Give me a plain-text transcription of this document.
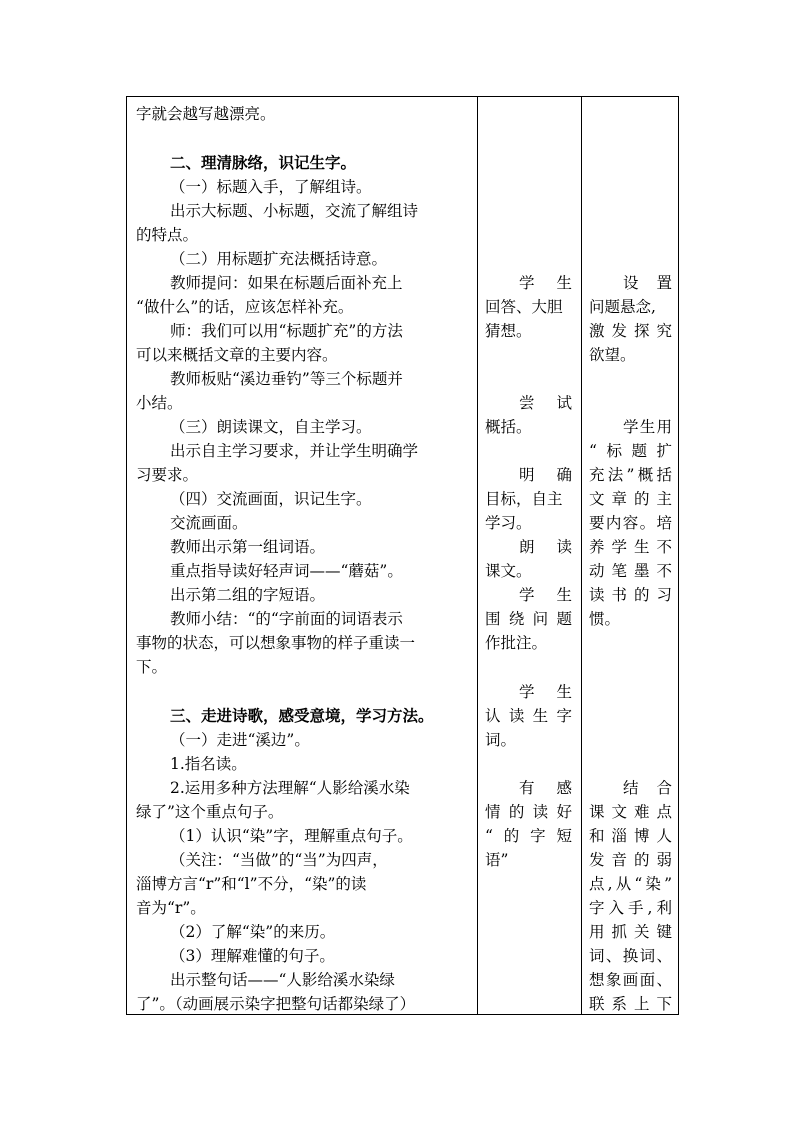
字就会越写越漂亮。
二、理清脉络，识记生字。
（一）标题入手，了解组诗。
出示大标题、小标题，交流了解组诗
的特点。
（二）用标题扩充法概括诗意。
教师提问：如果在标题后面补充上
“做什么”的话，应该怎样补充。
师：我们可以用“标题扩充”的方法
可以来概括文章的主要内容。
教师板贴“溪边垂钓”等三个标题并
小结。
（三）朗读课文，自主学习。
出示自主学习要求，并让学生明确学
习要求。
（四）交流画面，识记生字。
交流画面。
教师出示第一组词语。
重点指导读好轻声词——“蘑菇”。
出示第二组的字短语。
教师小结：“的“字前面的词语表示
事物的状态，可以想象事物的样子重读一
下。
三、走进诗歌，感受意境，学习方法。
（一）走进“溪边”。
1.指名读。
2.运用多种方法理解“人影给溪水染
绿了”这个重点句子。
（1）认识“染”字，理解重点句子。
（关注：“当做”的“当”为四声，
淄博方言“r”和“l”不分，“染”的读
音为“r”。
（2）了解“染”的来历。
（3）理解难懂的句子。
出示整句话——“人影给溪水染绿
了”。（动画展示染字把整句话都染绿了）
学　生
回答、大胆
猜想。
尝　试
概括。
明　确
目标，自主
学习。
朗　读
课文。
学　生
围绕问题
作批注。
学　生
认读生字
词。
有　感
情的读好
“的字短
语”
设　置
问题悬念,
激发探究
欲望。
学生用
“标题扩
充法”概括
文章的主
要内容。培
养学生不
动笔墨不
读书的习
惯。
结　合
课文难点
和淄博人
发音的弱
点,从“染”
字入手,利
用抓关键
词、换词、
想象画面、
联系上下
